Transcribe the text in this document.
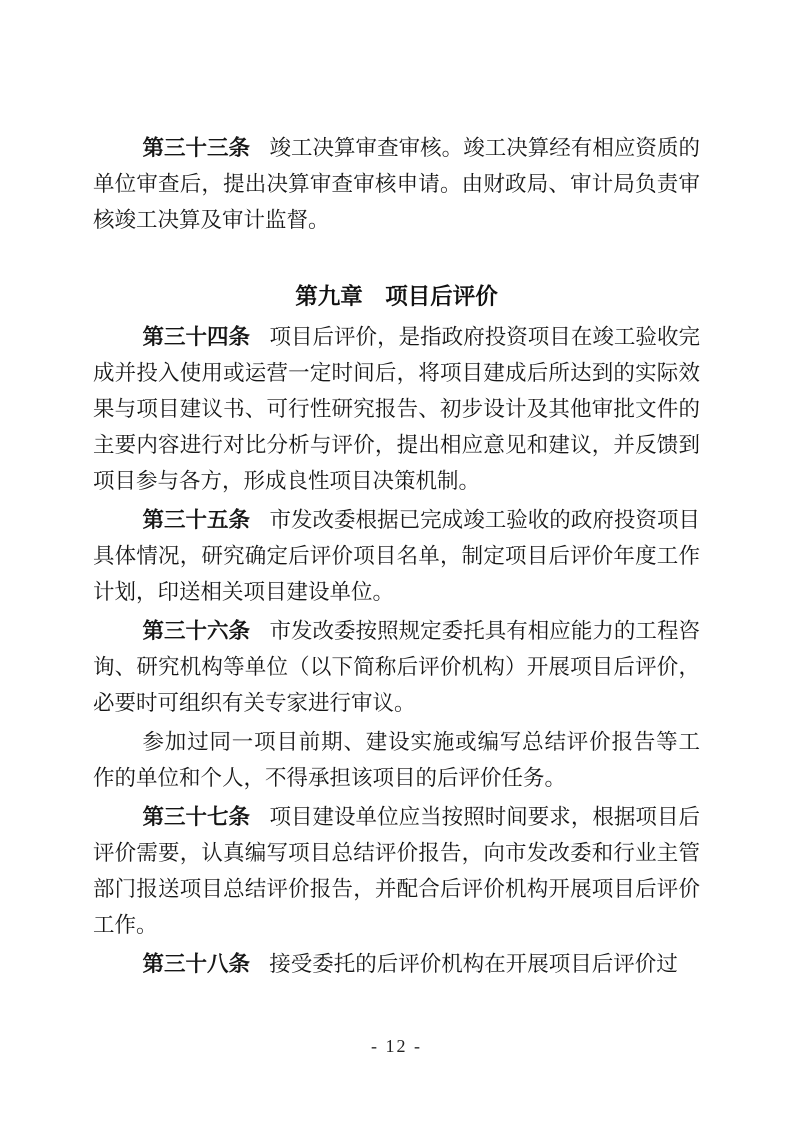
第三十三条 竣工决算审查审核。竣工决算经有相应资质的单位审查后，提出决算审查审核申请。由财政局、审计局负责审核竣工决算及审计监督。

第九章 项目后评价

第三十四条 项目后评价，是指政府投资项目在竣工验收完成并投入使用或运营一定时间后，将项目建成后所达到的实际效果与项目建议书、可行性研究报告、初步设计及其他审批文件的主要内容进行对比分析与评价，提出相应意见和建议，并反馈到项目参与各方，形成良性项目决策机制。

第三十五条 市发改委根据已完成竣工验收的政府投资项目具体情况，研究确定后评价项目名单，制定项目后评价年度工作计划，印送相关项目建设单位。

第三十六条 市发改委按照规定委托具有相应能力的工程咨询、研究机构等单位（以下简称后评价机构）开展项目后评价，必要时可组织有关专家进行审议。

参加过同一项目前期、建设实施或编写总结评价报告等工作的单位和个人，不得承担该项目的后评价任务。

第三十七条 项目建设单位应当按照时间要求，根据项目后评价需要，认真编写项目总结评价报告，向市发改委和行业主管部门报送项目总结评价报告，并配合后评价机构开展项目后评价工作。

第三十八条 接受委托的后评价机构在开展项目后评价过

- 12 -
